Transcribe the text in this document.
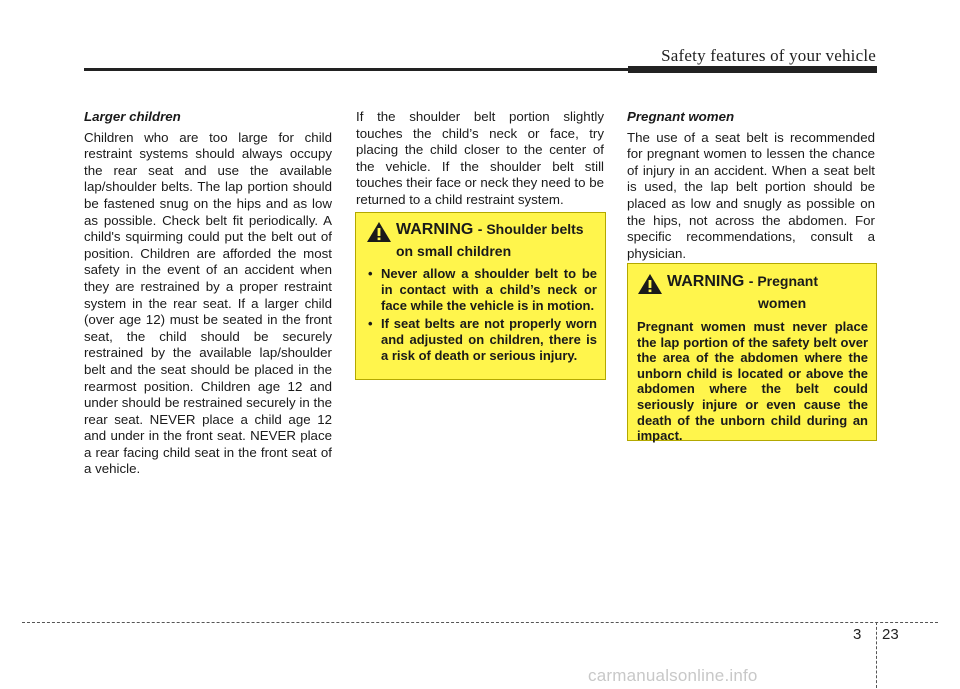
Safety features of your vehicle

Larger children

Children who are too large for child restraint systems should always occupy the rear seat and use the available lap/shoulder belts. The lap portion should be fastened snug on the hips and as low as possible. Check belt fit periodically. A child's squirming could put the belt out of position. Children are afforded the most safety in the event of an accident when they are restrained by a proper restraint system in the rear seat. If a larger child (over age 12) must be seated in the front seat, the child should be securely restrained by the available lap/shoulder belt and the seat should be placed in the rearmost position. Children age 12 and under should be restrained securely in the rear seat. NEVER place a child age 12 and under in the front seat. NEVER place a rear facing child seat in the front seat of a vehicle.

If the shoulder belt portion slightly touches the child’s neck or face, try placing the child closer to the center of the vehicle. If the shoulder belt still touches their face or neck they need to be returned to a child restraint system.

WARNING - Shoulder belts
on small children
• Never allow a shoulder belt to be in contact with a child’s neck or face while the vehicle is in motion.
• If seat belts are not properly worn and adjusted on children, there is a risk of death or serious injury.

Pregnant women

The use of a seat belt is recommended for pregnant women to lessen the chance of injury in an accident. When a seat belt is used, the lap belt portion should be placed as low and snugly as possible on the hips, not across the abdomen. For specific recommendations, consult a physician.

WARNING - Pregnant
women

Pregnant women must never place the lap portion of the safety belt over the area of the abdomen where the unborn child is located or above the abdomen where the belt could seriously injure or even cause the death of the unborn child during an impact.

3 23
carmanualsonline.info
